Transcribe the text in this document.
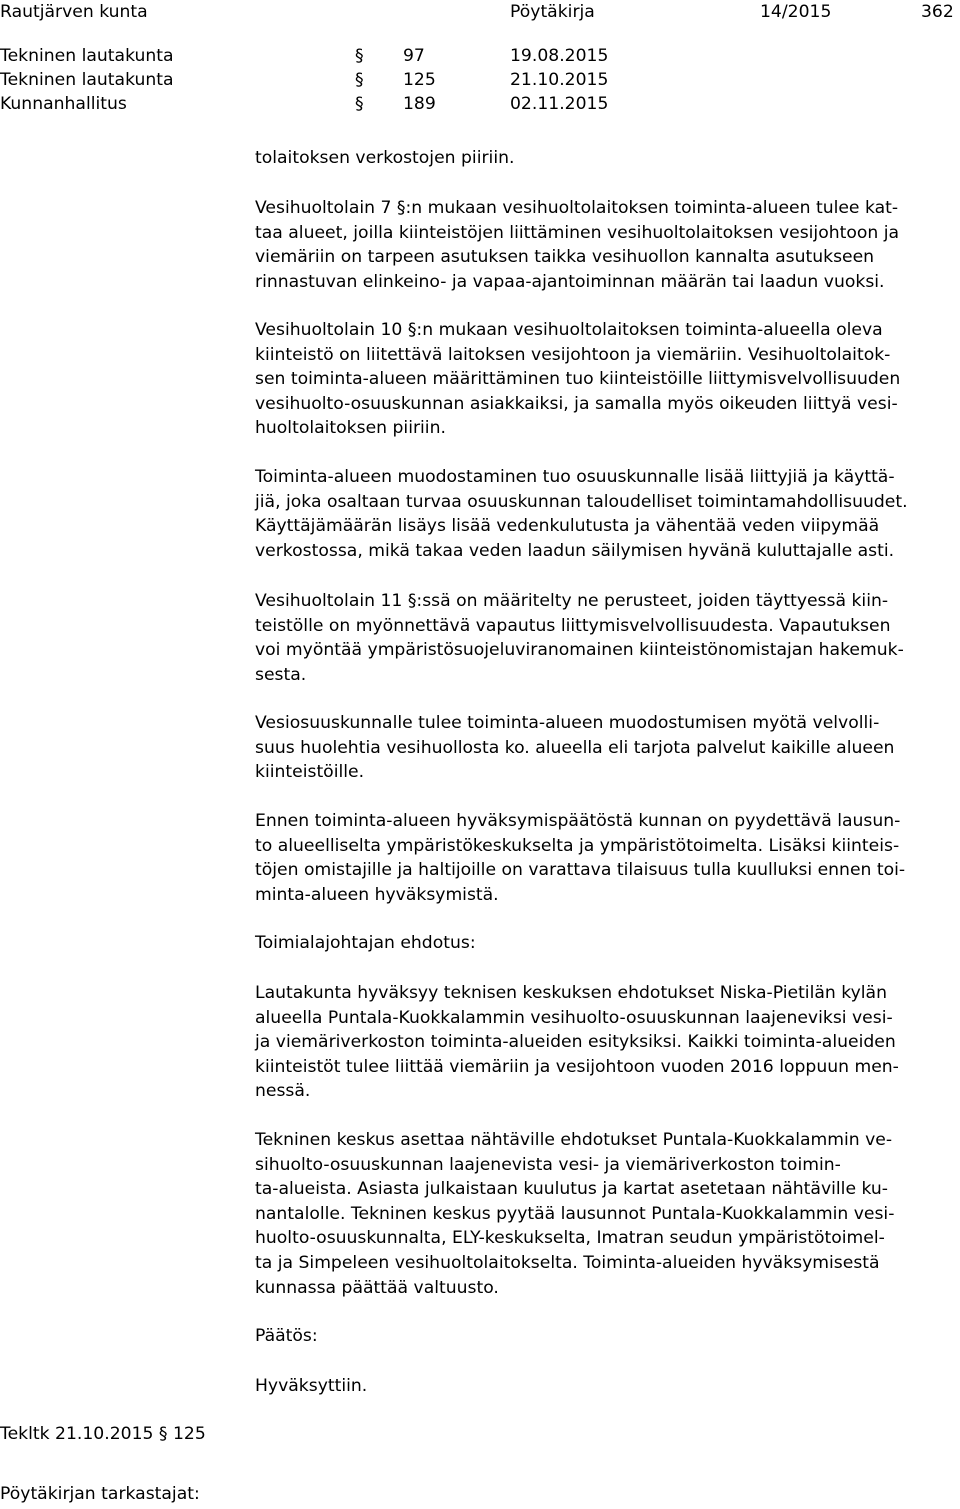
Rautjärven kunta	Pöytäkirja	14/2015	362
Tekninen lautakunta	§ 97	19.08.2015
Tekninen lautakunta	§ 125	21.10.2015
Kunnanhallitus	§ 189	02.11.2015
tolaitoksen verkostojen piiriin.
Vesihuoltolain 7 §:n mukaan vesihuoltolaitoksen toiminta-alueen tulee kat-
taa alueet, joilla kiinteistöjen liittäminen vesihuoltolaitoksen vesijohtoon ja
viemäriin on tarpeen asutuksen taikka vesihuollon kannalta asutukseen
rinnastuvan elinkeino- ja vapaa-ajantoiminnan määrän tai laadun vuoksi.
Vesihuoltolain 10 §:n mukaan vesihuoltolaitoksen toiminta-alueella oleva
kiinteistö on liitettävä laitoksen vesijohtoon ja viemäriin. Vesihuoltolaitok-
sen toiminta-alueen määrittäminen tuo kiinteistöille liittymisvelvollisuuden
vesihuolto-osuuskunnan asiakkaiksi, ja samalla myös oikeuden liittyä vesi-
huoltolaitoksen piiriin.
Toiminta-alueen muodostaminen tuo osuuskunnalle lisää liittyjiä ja käyttä-
jiä, joka osaltaan turvaa osuuskunnan taloudelliset toimintamahdollisuudet.
Käyttäjämäärän lisäys lisää vedenkulutusta ja vähentää veden viipymää
verkostossa, mikä takaa veden laadun säilymisen hyvänä kuluttajalle asti.
Vesihuoltolain 11 §:ssä on määritelty ne perusteet, joiden täyttyessä kiin-
teistölle on myönnettävä vapautus liittymisvelvollisuudesta. Vapautuksen
voi myöntää ympäristösuojeluviranomainen kiinteistönomistajan hakemuk-
sesta.
Vesiosuuskunnalle tulee toiminta-alueen muodostumisen myötä velvolli-
suus huolehtia vesihuollosta ko. alueella eli tarjota palvelut kaikille alueen
kiinteistöille.
Ennen toiminta-alueen hyväksymispäätöstä kunnan on pyydettävä lausun-
to alueelliselta ympäristökeskukselta ja ympäristötoimelta. Lisäksi kiinteis-
töjen omistajille ja haltijoille on varattava tilaisuus tulla kuulluksi ennen toi-
minta-alueen hyväksymistä.
Toimialajohtajan ehdotus:
Lautakunta hyväksyy teknisen keskuksen ehdotukset Niska-Pietilän kylän
alueella Puntala-Kuokkalammin vesihuolto-osuuskunnan laajeneviksi vesi-
ja viemäriverkoston toiminta-alueiden esityksiksi. Kaikki toiminta-alueiden
kiinteistöt tulee liittää viemäriin ja vesijohtoon vuoden 2016 loppuun men-
nessä.
Tekninen keskus asettaa nähtäville ehdotukset Puntala-Kuokkalammin ve-
sihuolto-osuuskunnan laajenevista vesi- ja viemäriverkoston toimin-
ta-alueista. Asiasta julkaistaan kuulutus ja kartat asetetaan nähtäville ku-
nantalolle. Tekninen keskus pyytää lausunnot Puntala-Kuokkalammin vesi-
huolto-osuuskunnalta, ELY-keskukselta, Imatran seudun ympäristötoimel-
ta ja Simpeleen vesihuoltolaitokselta. Toiminta-alueiden hyväksymisestä
kunnassa päättää valtuusto.
Päätös:
Hyväksyttiin.
Tekltk 21.10.2015 § 125
Pöytäkirjan tarkastajat:
